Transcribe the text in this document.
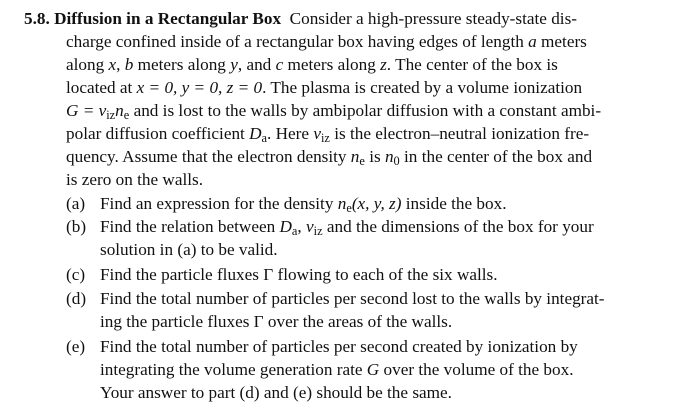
5.8. Diffusion in a Rectangular Box Consider a high-pressure steady-state dis-
charge confined inside of a rectangular box having edges of length a meters
along x, b meters along y, and c meters along z. The center of the box is
located at x = 0, y = 0, z = 0. The plasma is created by a volume ionization
$G = \nu_{iz}n_e$ and is lost to the walls by ambipolar diffusion with a constant ambi-
polar diffusion coefficient $D_a$. Here $\nu_{iz}$ is the electron–neutral ionization fre-
quency. Assume that the electron density $n_e$ is $n_0$ in the center of the box and
is zero on the walls.
(a) Find an expression for the density $n_e(x$, y, z) inside the box.
(b) Find the relation between $D_a$, $\nu_{iz}$ and the dimensions of the box for your
solution in (a) to be valid.
(c) Find the particle fluxes Γ flowing to each of the six walls.
(d) Find the total number of particles per second lost to the walls by integrat-
ing the particle fluxes Γ over the areas of the walls.
(e) Find the total number of particles per second created by ionization by
integrating the volume generation rate G over the volume of the box.
Your answer to part (d) and (e) should be the same.
